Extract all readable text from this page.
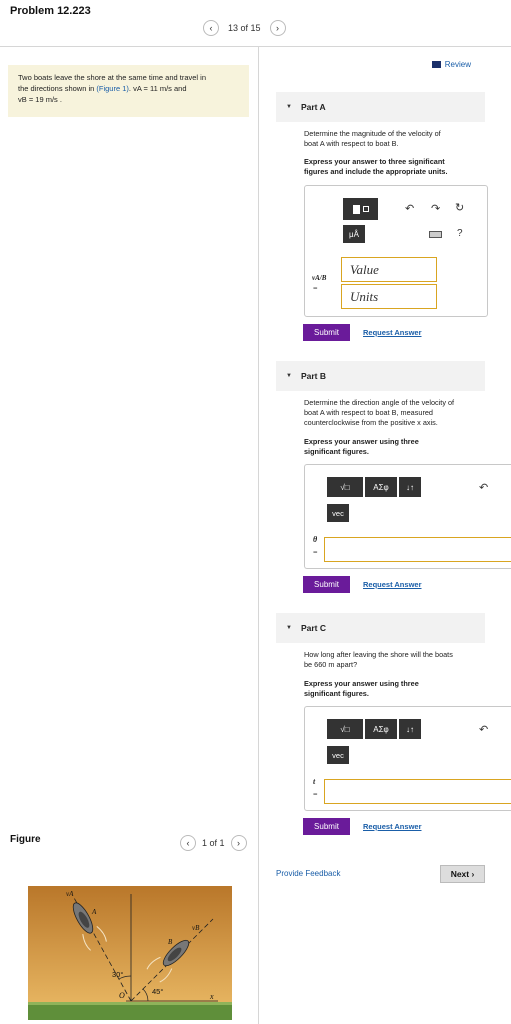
Problem 12.223
‹ 13 of 15 ›
Two boats leave the shore at the same time and travel in
the directions shown in (Figure 1). vA = 11 m/s and
vB = 19 m/s .
Review
▼ Part A
Determine the magnitude of the velocity of
boat A with respect to boat B.
Express your answer to three significant
figures and include the appropriate units.
μÅ
↶ ↷ ↻
?
vA/B
=
Value
Units
Submit	Request Answer
▼ Part B
Determine the direction angle of the velocity of
boat A with respect to boat B, measured
counterclockwise from the positive x axis.
Express your answer using three
significant figures.
√□	ΑΣφ ↓↑	↶
vec
θ
=
Submit	Request Answer
▼ Part C
How long after leaving the shore will the boats
be 660 m apart?
Express your answer using three
significant figures.
√□	ΑΣφ ↓↑	↶
vec
t
=
Submit	Request Answer
Provide Feedback	Next ›
Figure	‹ 1 of 1 ›
30°
45°
O	x
vA
A
vB
B
